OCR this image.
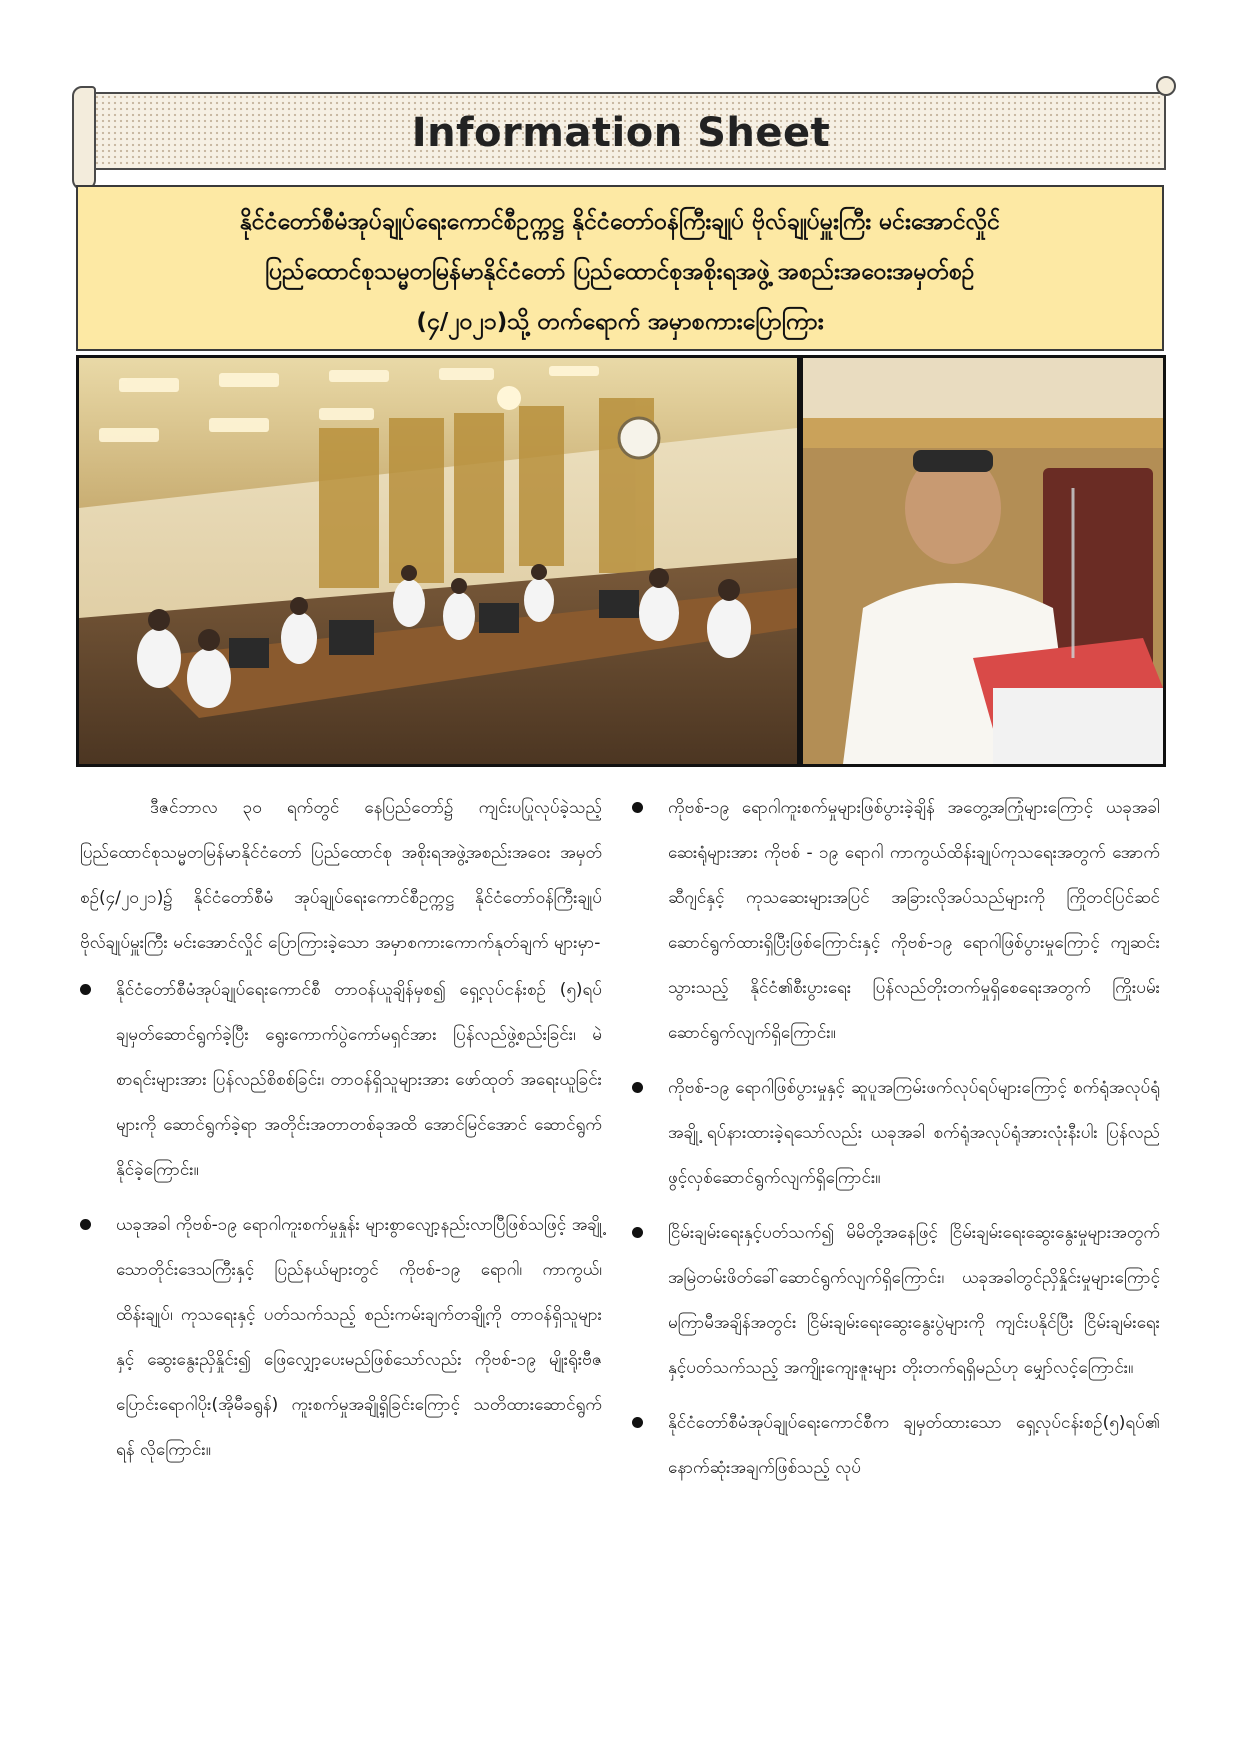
Information Sheet
နိုင်ငံတော်စီမံအုပ်ချုပ်ရေးကောင်စီဥက္ကဋ္ဌ နိုင်ငံတော်ဝန်ကြီးချုပ် ဗိုလ်ချုပ်မှူးကြီး မင်းအောင်လှိုင်
ပြည်ထောင်စုသမ္မတမြန်မာနိုင်ငံတော် ပြည်ထောင်စုအစိုးရအဖွဲ့ အစည်းအဝေးအမှတ်စဉ်
(၄/၂၀၂၁)သို့ တက်ရောက် အမှာစကားပြောကြား

ဒီဇင်ဘာလ ၃၀ ရက်တွင် နေပြည်တော်၌ ကျင်းပပြုလုပ်ခဲ့သည့် ပြည်ထောင်စုသမ္မတမြန်မာနိုင်ငံတော် ပြည်ထောင်စု အစိုးရအဖွဲ့အစည်းအဝေး အမှတ်စဉ်(၄/၂၀၂၁)၌ နိုင်ငံတော်စီမံ အုပ်ချုပ်ရေးကောင်စီဥက္ကဋ္ဌ နိုင်ငံတော်ဝန်ကြီးချုပ် ဗိုလ်ချုပ်မှူးကြီး မင်းအောင်လှိုင် ပြောကြားခဲ့သော အမှာစကားကောက်နုတ်ချက် များမှာ-

နိုင်ငံတော်စီမံအုပ်ချုပ်ရေးကောင်စီ တာဝန်ယူချိန်မှစ၍ ရှေ့လုပ်ငန်းစဉ် (၅)ရပ် ချမှတ်ဆောင်ရွက်ခဲ့ပြီး ရွေးကောက်ပွဲကော်မရှင်အား ပြန်လည်ဖွဲ့စည်းခြင်း၊ မဲစာရင်းများအား ပြန်လည်စိစစ်ခြင်း၊ တာဝန်ရှိသူများအား ဖော်ထုတ် အရေးယူခြင်းများကို ဆောင်ရွက်ခဲ့ရာ အတိုင်းအတာတစ်ခုအထိ အောင်မြင်အောင် ဆောင်ရွက်နိုင်ခဲ့ကြောင်း။
ယခုအခါ ကိုဗစ်-၁၉ ရောဂါကူးစက်မှုနှုန်း များစွာလျော့နည်းလာပြီဖြစ်သဖြင့် အချို့သောတိုင်းဒေသကြီးနှင့် ပြည်နယ်များတွင် ကိုဗစ်-၁၉ ရောဂါ၊ ကာကွယ်၊ ထိန်းချုပ်၊ ကုသရေးနှင့် ပတ်သက်သည့် စည်းကမ်းချက်တချို့ကို တာဝန်ရှိသူများနှင့် ဆွေးနွေးညှိနှိုင်း၍ ဖြေလျှော့ပေးမည်ဖြစ်သော်လည်း ကိုဗစ်-၁၉ မျိုးရိုးဗီဇ ပြောင်းရောဂါပိုး(အိုမီခရွန်) ကူးစက်မှုအချို့ရှိခြင်းကြောင့် သတိထားဆောင်ရွက်ရန် လိုကြောင်း။
ကိုဗစ်-၁၉ ရောဂါကူးစက်မှုများဖြစ်ပွားခဲ့ချိန် အတွေ့အကြုံများကြောင့် ယခုအခါ ဆေးရုံများအား ကိုဗစ် - ၁၉ ရောဂါ ကာကွယ်ထိန်းချုပ်ကုသရေးအတွက် အောက်ဆီဂျင်နှင့် ကုသဆေးများအပြင် အခြားလိုအပ်သည်များကို ကြိုတင်ပြင်ဆင်ဆောင်ရွက်ထားရှိပြီးဖြစ်ကြောင်းနှင့် ကိုဗစ်-၁၉ ရောဂါဖြစ်ပွားမှုကြောင့် ကျဆင်းသွားသည့် နိုင်ငံ၏စီးပွားရေး ပြန်လည်တိုးတက်မှုရှိစေရေးအတွက် ကြိုးပမ်းဆောင်ရွက်လျက်ရှိကြောင်း။
ကိုဗစ်-၁၉ ရောဂါဖြစ်ပွားမှုနှင့် ဆူပူအကြမ်းဖက်လုပ်ရပ်များကြောင့် စက်ရုံအလုပ်ရုံအချို့ ရပ်နားထားခဲ့ရသော်လည်း ယခုအခါ စက်ရုံအလုပ်ရုံအားလုံးနီးပါး ပြန်လည်ဖွင့်လှစ်ဆောင်ရွက်လျက်ရှိကြောင်း။
ငြိမ်းချမ်းရေးနှင့်ပတ်သက်၍ မိမိတို့အနေဖြင့် ငြိမ်းချမ်းရေးဆွေးနွေးမှုများအတွက် အမြဲတမ်းဖိတ်ခေါ်ဆောင်ရွက်လျက်ရှိကြောင်း၊ ယခုအခါတွင်ညှိနှိုင်းမှုများကြောင့် မကြာမီအချိန်အတွင်း ငြိမ်းချမ်းရေးဆွေးနွေးပွဲများကို ကျင်းပနိုင်ပြီး ငြိမ်းချမ်းရေးနှင့်ပတ်သက်သည့် အကျိုးကျေးဇူးများ တိုးတက်ရရှိမည်ဟု မျှော်လင့်ကြောင်း။
နိုင်ငံတော်စီမံအုပ်ချုပ်ရေးကောင်စီက ချမှတ်ထားသော ရှေ့လုပ်ငန်းစဉ်(၅)ရပ်၏ နောက်ဆုံးအချက်ဖြစ်သည့် လုပ်
